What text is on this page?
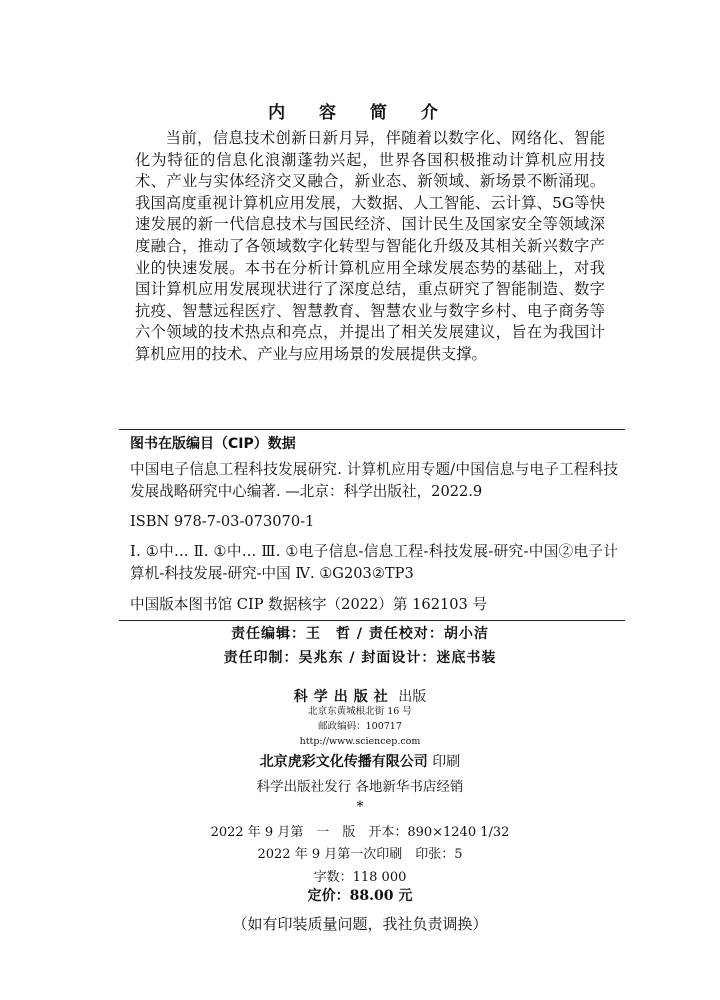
内 容 简 介

当前，信息技术创新日新月异，伴随着以数字化、网络化、智能化为特征的信息化浪潮蓬勃兴起，世界各国积极推动计算机应用技术、产业与实体经济交叉融合，新业态、新领域、新场景不断涌现。我国高度重视计算机应用发展，大数据、人工智能、云计算、5G等快速发展的新一代信息技术与国民经济、国计民生及国家安全等领域深度融合，推动了各领域数字化转型与智能化升级及其相关新兴数字产业的快速发展。本书在分析计算机应用全球发展态势的基础上，对我国计算机应用发展现状进行了深度总结，重点研究了智能制造、数字抗疫、智慧远程医疗、智慧教育、智慧农业与数字乡村、电子商务等六个领域的技术热点和亮点，并提出了相关发展建议，旨在为我国计算机应用的技术、产业与应用场景的发展提供支撑。

图书在版编目（CIP）数据

中国电子信息工程科技发展研究. 计算机应用专题/中国信息与电子工程科技发展战略研究中心编著. —北京：科学出版社，2022.9

ISBN 978-7-03-073070-1

Ⅰ. ①中… Ⅱ. ①中… Ⅲ. ①电子信息-信息工程-科技发展-研究-中国②电子计算机-科技发展-研究-中国 Ⅳ. ①G203②TP3

中国版本图书馆 CIP 数据核字（2022）第 162103 号

责任编辑：王　哲 / 责任校对：胡小洁
责任印制：吴兆东 / 封面设计：迷底书装
科学出版社 出版
北京东黄城根北街 16 号
邮政编码：100717
http://www.sciencep.com
北京虎彩文化传播有限公司 印刷
科学出版社发行 各地新华书店经销
*
2022 年 9 月第　一　版　开本：890×1240 1/32
2022 年 9 月第一次印刷　印张：5
字数：118 000
定价：88.00 元
（如有印装质量问题，我社负责调换）
